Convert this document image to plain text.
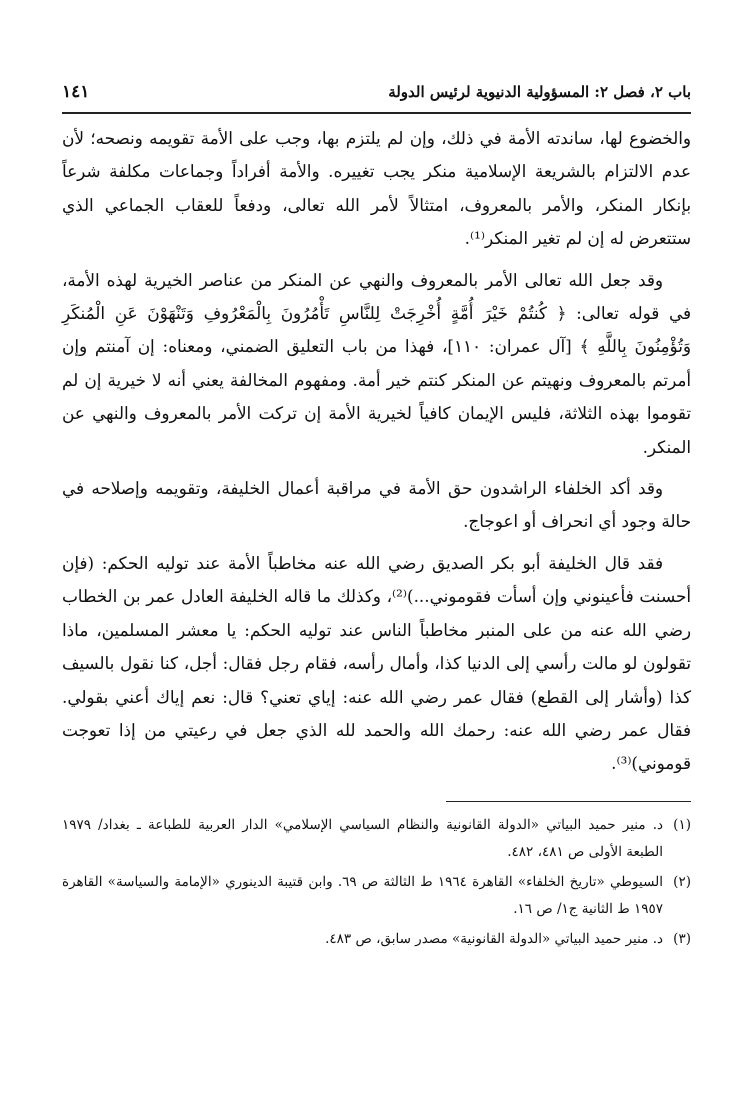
باب ٢، فصل ٢: المسؤولية الدنيوية لرئيس الدولة
١٤١

والخضوع لها، ساندته الأمة في ذلك، وإن لم يلتزم بها، وجب على الأمة تقويمه ونصحه؛ لأن عدم الالتزام بالشريعة الإسلامية منكر يجب تغييره. والأمة أفراداً وجماعات مكلفة شرعاً بإنكار المنكر، والأمر بالمعروف، امتثالاً لأمر الله تعالى، ودفعاً للعقاب الجماعي الذي ستتعرض له إن لم تغير المنكر⁽¹⁾.

وقد جعل الله تعالى الأمر بالمعروف والنهي عن المنكر من عناصر الخيرية لهذه الأمة، في قوله تعالى: ﴿ كُنتُمْ خَيْرَ أُمَّةٍ أُخْرِجَتْ لِلنَّاسِ تَأْمُرُونَ بِالْمَعْرُوفِ وَتَنْهَوْنَ عَنِ الْمُنكَرِ وَتُؤْمِنُونَ بِاللَّهِ ﴾ [آل عمران: ١١٠]، فهذا من باب التعليق الضمني، ومعناه: إن آمنتم وإن أمرتم بالمعروف ونهيتم عن المنكر كنتم خير أمة. ومفهوم المخالفة يعني أنه لا خيرية إن لم تقوموا بهذه الثلاثة، فليس الإيمان كافياً لخيرية الأمة إن تركت الأمر بالمعروف والنهي عن المنكر.

وقد أكد الخلفاء الراشدون حق الأمة في مراقبة أعمال الخليفة، وتقويمه وإصلاحه في حالة وجود أي انحراف أو اعوجاج.

فقد قال الخليفة أبو بكر الصديق رضي الله عنه مخاطباً الأمة عند توليه الحكم: (فإن أحسنت فأعينوني وإن أسأت فقوموني...)⁽²⁾، وكذلك ما قاله الخليفة العادل عمر بن الخطاب رضي الله عنه من على المنبر مخاطباً الناس عند توليه الحكم: يا معشر المسلمين، ماذا تقولون لو مالت رأسي إلى الدنيا كذا، وأمال رأسه، فقام رجل فقال: أجل، كنا نقول بالسيف كذا (وأشار إلى القطع) فقال عمر رضي الله عنه: إياي تعني؟ قال: نعم إياك أعني بقولي. فقال عمر رضي الله عنه: رحمك الله والحمد لله الذي جعل في رعيتي من إذا تعوجت قوموني)⁽³⁾.

(١)
د. منير حميد البياتي «الدولة القانونية والنظام السياسي الإسلامي» الدار العربية للطباعة ـ بغداد/ ١٩٧٩ الطبعة الأولى ص ٤٨١، ٤٨٢.
(٢)
السيوطي «تاريخ الخلفاء» القاهرة ١٩٦٤ ط الثالثة ص ٦٩. وابن قتيبة الدينوري «الإمامة والسياسة» القاهرة ١٩٥٧ ط الثانية ج١/ ص ١٦.
(٣)
د. منير حميد البياتي «الدولة القانونية» مصدر سابق، ص ٤٨٣.
